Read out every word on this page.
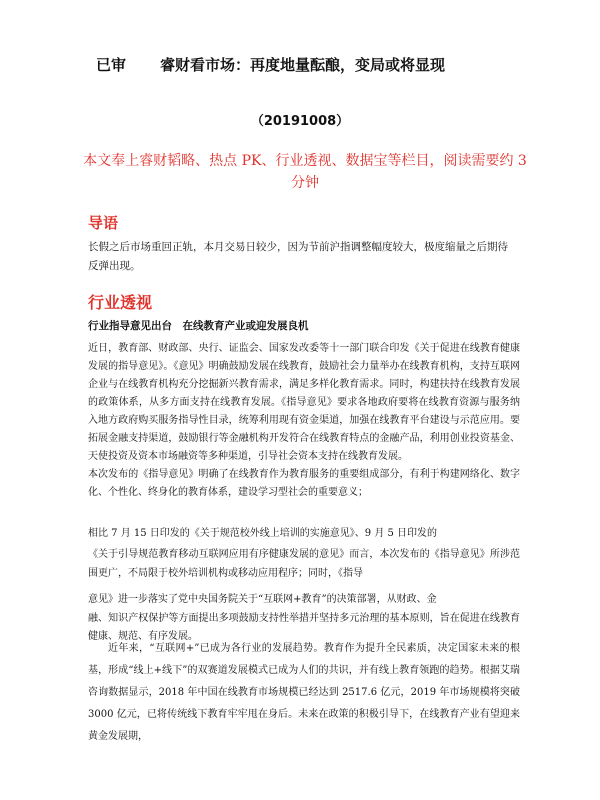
已审 睿财看市场：再度地量酝酿，变局或将显现
（20191008）
本文奉上睿财韬略、热点 PK、行业透视、数据宝等栏目，阅读需要约 3 分钟
导语
长假之后市场重回正轨，本月交易日较少，因为节前沪指调整幅度较大，极度缩量之后期待反弹出现。
行业透视
行业指导意见出台　在线教育产业或迎发展良机
近日，教育部、财政部、央行、证监会、国家发改委等十一部门联合印发《关于促进在线教育健康发展的指导意见》。《意见》明确鼓励发展在线教育，鼓励社会力量举办在线教育机构，支持互联网企业与在线教育机构充分挖掘新兴教育需求，满足多样化教育需求。同时，构建扶持在线教育发展的政策体系，从多方面支持在线教育发展。《指导意见》要求各地政府要将在线教育资源与服务纳入地方政府购买服务指导性目录，统筹利用现有资金渠道，加强在线教育平台建设与示范应用。要拓展金融支持渠道，鼓励银行等金融机构开发符合在线教育特点的金融产品，利用创业投资基金、天使投资及资本市场融资等多种渠道，引导社会资本支持在线教育发展。
本次发布的《指导意见》明确了在线教育作为教育服务的重要组成部分，有利于构建网络化、数字化、个性化、终身化的教育体系，建设学习型社会的重要意义；
相比 7 月 15 日印发的《关于规范校外线上培训的实施意见》、9 月 5 日印发的
《关于引导规范教育移动互联网应用有序健康发展的意见》而言，本次发布的《指导意见》所涉范围更广，不局限于校外培训机构或移动应用程序；同时，《指导
意见》进一步落实了党中央国务院关于“互联网+教育”的决策部署，从财政、金
融、知识产权保护等方面提出多项鼓励支持性举措并坚持多元治理的基本原则，旨在促进在线教育健康、规范、有序发展。
近年来，“互联网+”已成为各行业的发展趋势。教育作为提升全民素质，决定国家未来的根基，形成“线上+线下”的双赛道发展模式已成为人们的共识，并有线上教育领跑的趋势。根据艾瑞咨询数据显示，2018 年中国在线教育市场规模已经达到 2517.6 亿元，2019 年市场规模将突破 3000 亿元，已将传统线下教育牢牢甩在身后。未来在政策的积极引导下，在线教育产业有望迎来黄金发展期，
